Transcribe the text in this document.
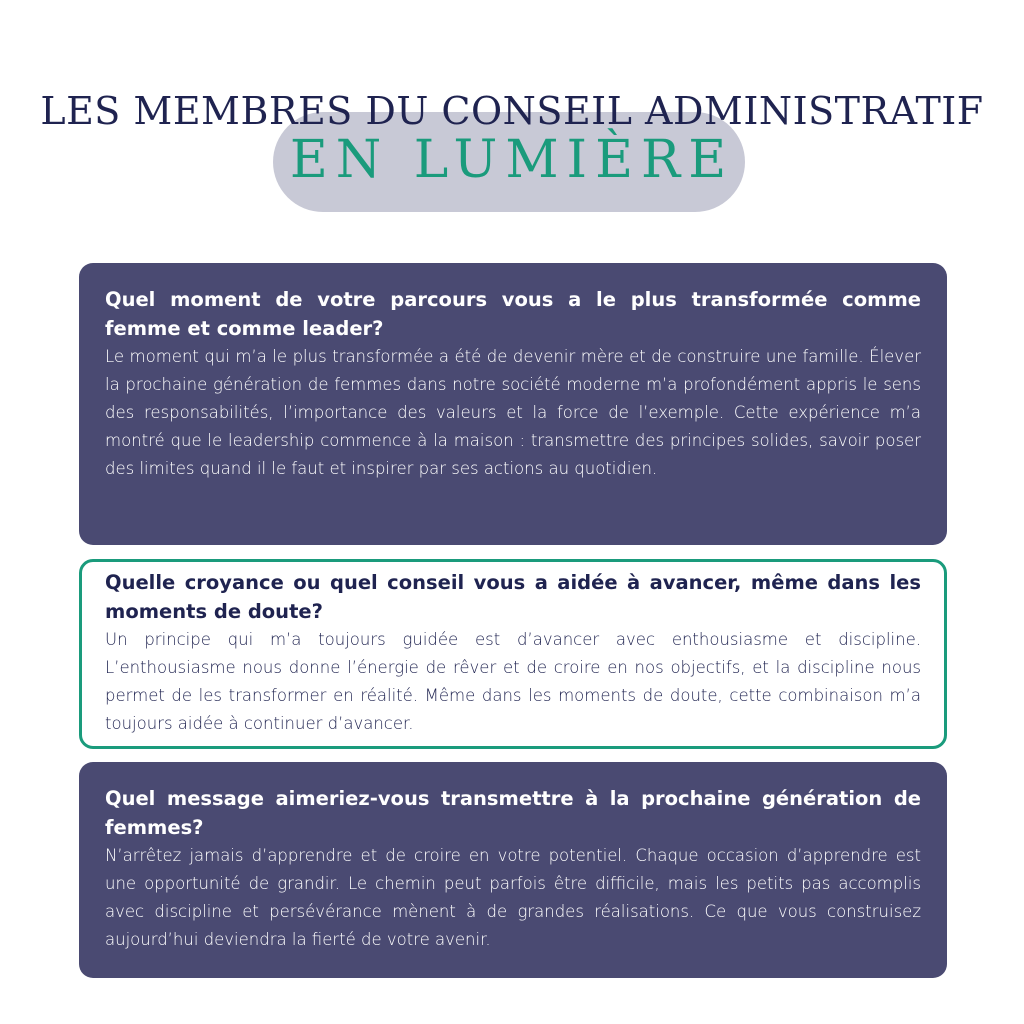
LES MEMBRES DU CONSEIL ADMINISTRATIF
EN LUMIÈRE

Quel moment de votre parcours vous a le plus transformée comme femme et comme leader?

Le moment qui m’a le plus transformée a été de devenir mère et de construire une famille. Élever la prochaine génération de femmes dans notre société moderne m’a profondément appris le sens des responsabilités, l’importance des valeurs et la force de l’exemple. Cette expérience m’a montré que le leadership commence à la maison : transmettre des principes solides, savoir poser des limites quand il le faut et inspirer par ses actions au quotidien.

Quelle croyance ou quel conseil vous a aidée à avancer, même dans les moments de doute?

Un principe qui m’a toujours guidée est d’avancer avec enthousiasme et discipline. L’enthousiasme nous donne l’énergie de rêver et de croire en nos objectifs, et la discipline nous permet de les transformer en réalité. Même dans les moments de doute, cette combinaison m’a toujours aidée à continuer d’avancer.

Quel message aimeriez-vous transmettre à la prochaine génération de femmes?

N’arrêtez jamais d’apprendre et de croire en votre potentiel. Chaque occasion d’apprendre est une opportunité de grandir. Le chemin peut parfois être difficile, mais les petits pas accomplis avec discipline et persévérance mènent à de grandes réalisations. Ce que vous construisez aujourd’hui deviendra la fierté de votre avenir.
